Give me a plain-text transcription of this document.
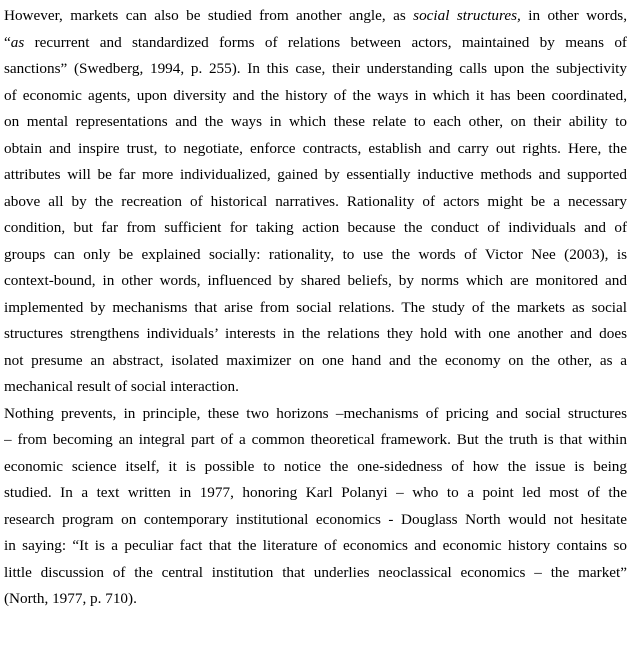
However, markets can also be studied from another angle, as social structures, in other words,
“as recurrent and standardized forms of relations between actors, maintained by means of
sanctions” (Swedberg, 1994, p. 255). In this case, their understanding calls upon the subjectivity
of economic agents, upon diversity and the history of the ways in which it has been coordinated,
on mental representations and the ways in which these relate to each other, on their ability to
obtain and inspire trust, to negotiate, enforce contracts, establish and carry out rights. Here, the
attributes will be far more individualized, gained by essentially inductive methods and supported
above all by the recreation of historical narratives. Rationality of actors might be a necessary
condition, but far from sufficient for taking action because the conduct of individuals and of
groups can only be explained socially: rationality, to use the words of Victor Nee (2003), is
context-bound, in other words, influenced by shared beliefs, by norms which are monitored and
implemented by mechanisms that arise from social relations. The study of the markets as social
structures strengthens individuals’ interests in the relations they hold with one another and does
not presume an abstract, isolated maximizer on one hand and the economy on the other, as a
mechanical result of social interaction.
Nothing prevents, in principle, these two horizons –mechanisms of pricing and social structures
– from becoming an integral part of a common theoretical framework. But the truth is that within
economic science itself, it is possible to notice the one-sidedness of how the issue is being
studied. In a text written in 1977, honoring Karl Polanyi – who to a point led most of the
research program on contemporary institutional economics - Douglass North would not hesitate
in saying: “It is a peculiar fact that the literature of economics and economic history contains so
little discussion of the central institution that underlies neoclassical economics – the market”
(North, 1977, p. 710).
